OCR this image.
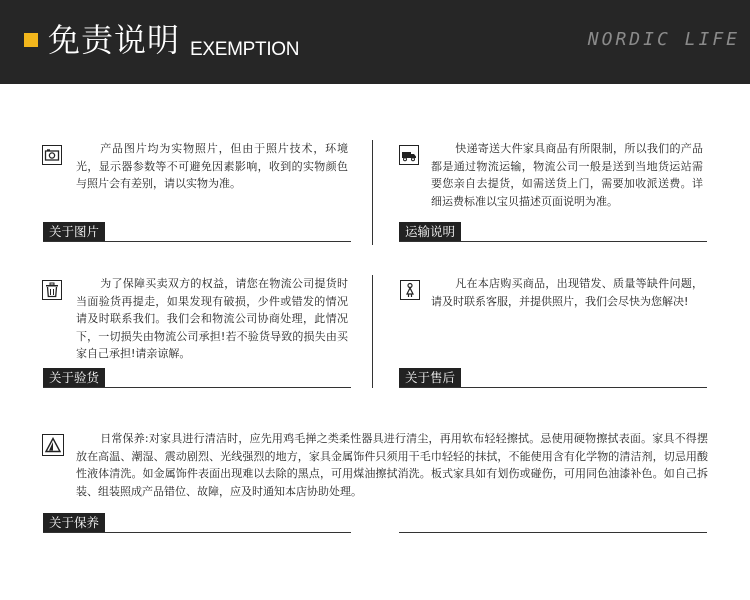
免责说明 EXEMPTION	NORDIC LIFE
产品图片均为实物照片，但由于照片技术，环境光，显示器参数等不可避免因素影响，收到的实物颜色与照片会有差别，请以实物为准。
关于图片
快递寄送大件家具商品有所限制，所以我们的产品都是通过物流运输，物流公司一般是送到当地货运站需要您亲自去提货，如需送货上门，需要加收派送费。详细运费标准以宝贝描述页面说明为准。
运输说明
为了保障买卖双方的权益，请您在物流公司提货时当面验货再提走，如果发现有破损，少件或错发的情况请及时联系我们。我们会和物流公司协商处理，此情况下，一切损失由物流公司承担!若不验货导致的损失由买家自己承担!请亲谅解。
关于验货
凡在本店购买商品，出现错发、质量等缺件问题，请及时联系客服，并提供照片，我们会尽快为您解决!
关于售后
日常保养:对家具进行清洁时，应先用鸡毛掸之类柔性器具进行清尘，再用软布轻轻擦拭。忌使用硬物擦拭表面。家具不得摆放在高温、潮湿、震动剧烈、光线强烈的地方，家具金属饰件只须用干毛巾轻轻的抹拭，不能使用含有化学物的清洁剂，切忌用酸性液体清洗。如金属饰件表面出现难以去除的黑点，可用煤油擦拭消洗。板式家具如有划伤或碰伤，可用同色油漆补色。如自己拆装、组装照成产品错位、故障，应及时通知本店协助处理。
关于保养
